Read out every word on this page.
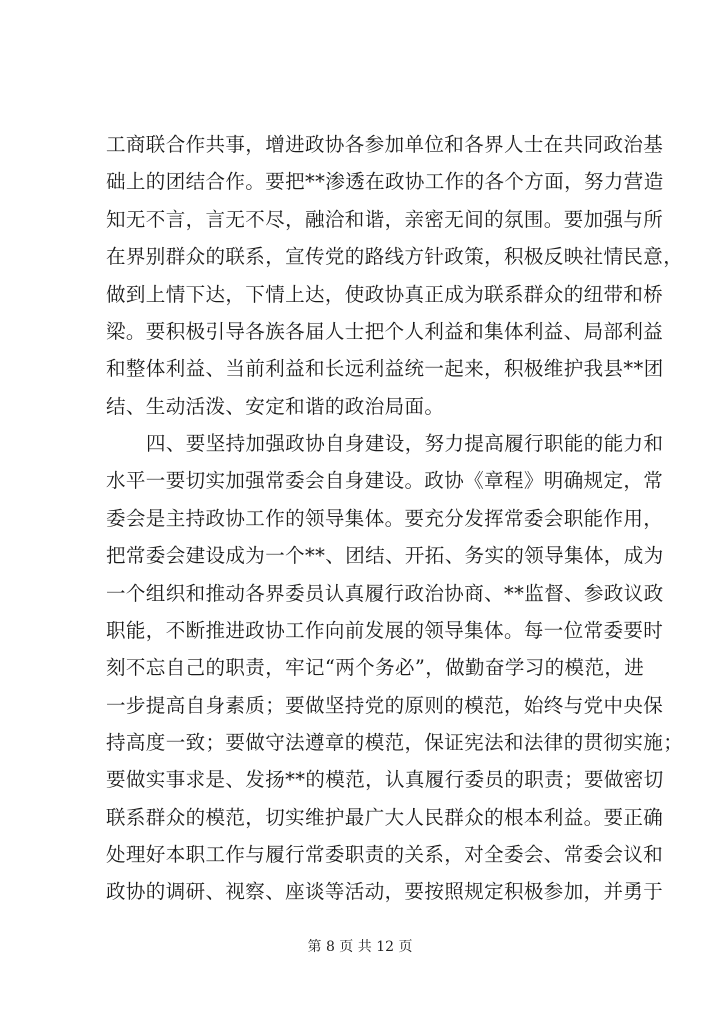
工商联合作共事，增进政协各参加单位和各界人士在共同政治基
础上的团结合作。要把**渗透在政协工作的各个方面，努力营造
知无不言，言无不尽，融洽和谐，亲密无间的氛围。要加强与所
在界别群众的联系，宣传党的路线方针政策，积极反映社情民意，
做到上情下达，下情上达，使政协真正成为联系群众的纽带和桥
梁。要积极引导各族各届人士把个人利益和集体利益、局部利益
和整体利益、当前利益和长远利益统一起来，积极维护我县**团
结、生动活泼、安定和谐的政治局面。
四、要坚持加强政协自身建设，努力提高履行职能的能力和
水平一要切实加强常委会自身建设。政协《章程》明确规定，常
委会是主持政协工作的领导集体。要充分发挥常委会职能作用，
把常委会建设成为一个**、团结、开拓、务实的领导集体，成为
一个组织和推动各界委员认真履行政治协商、**监督、参政议政
职能，不断推进政协工作向前发展的领导集体。每一位常委要时
刻不忘自己的职责，牢记“两个务必”，做勤奋学习的模范，进
一步提高自身素质；要做坚持党的原则的模范，始终与党中央保
持高度一致；要做守法遵章的模范，保证宪法和法律的贯彻实施；
要做实事求是、发扬**的模范，认真履行委员的职责；要做密切
联系群众的模范，切实维护最广大人民群众的根本利益。要正确
处理好本职工作与履行常委职责的关系，对全委会、常委会议和
政协的调研、视察、座谈等活动，要按照规定积极参加，并勇于
第 8 页 共 12 页
